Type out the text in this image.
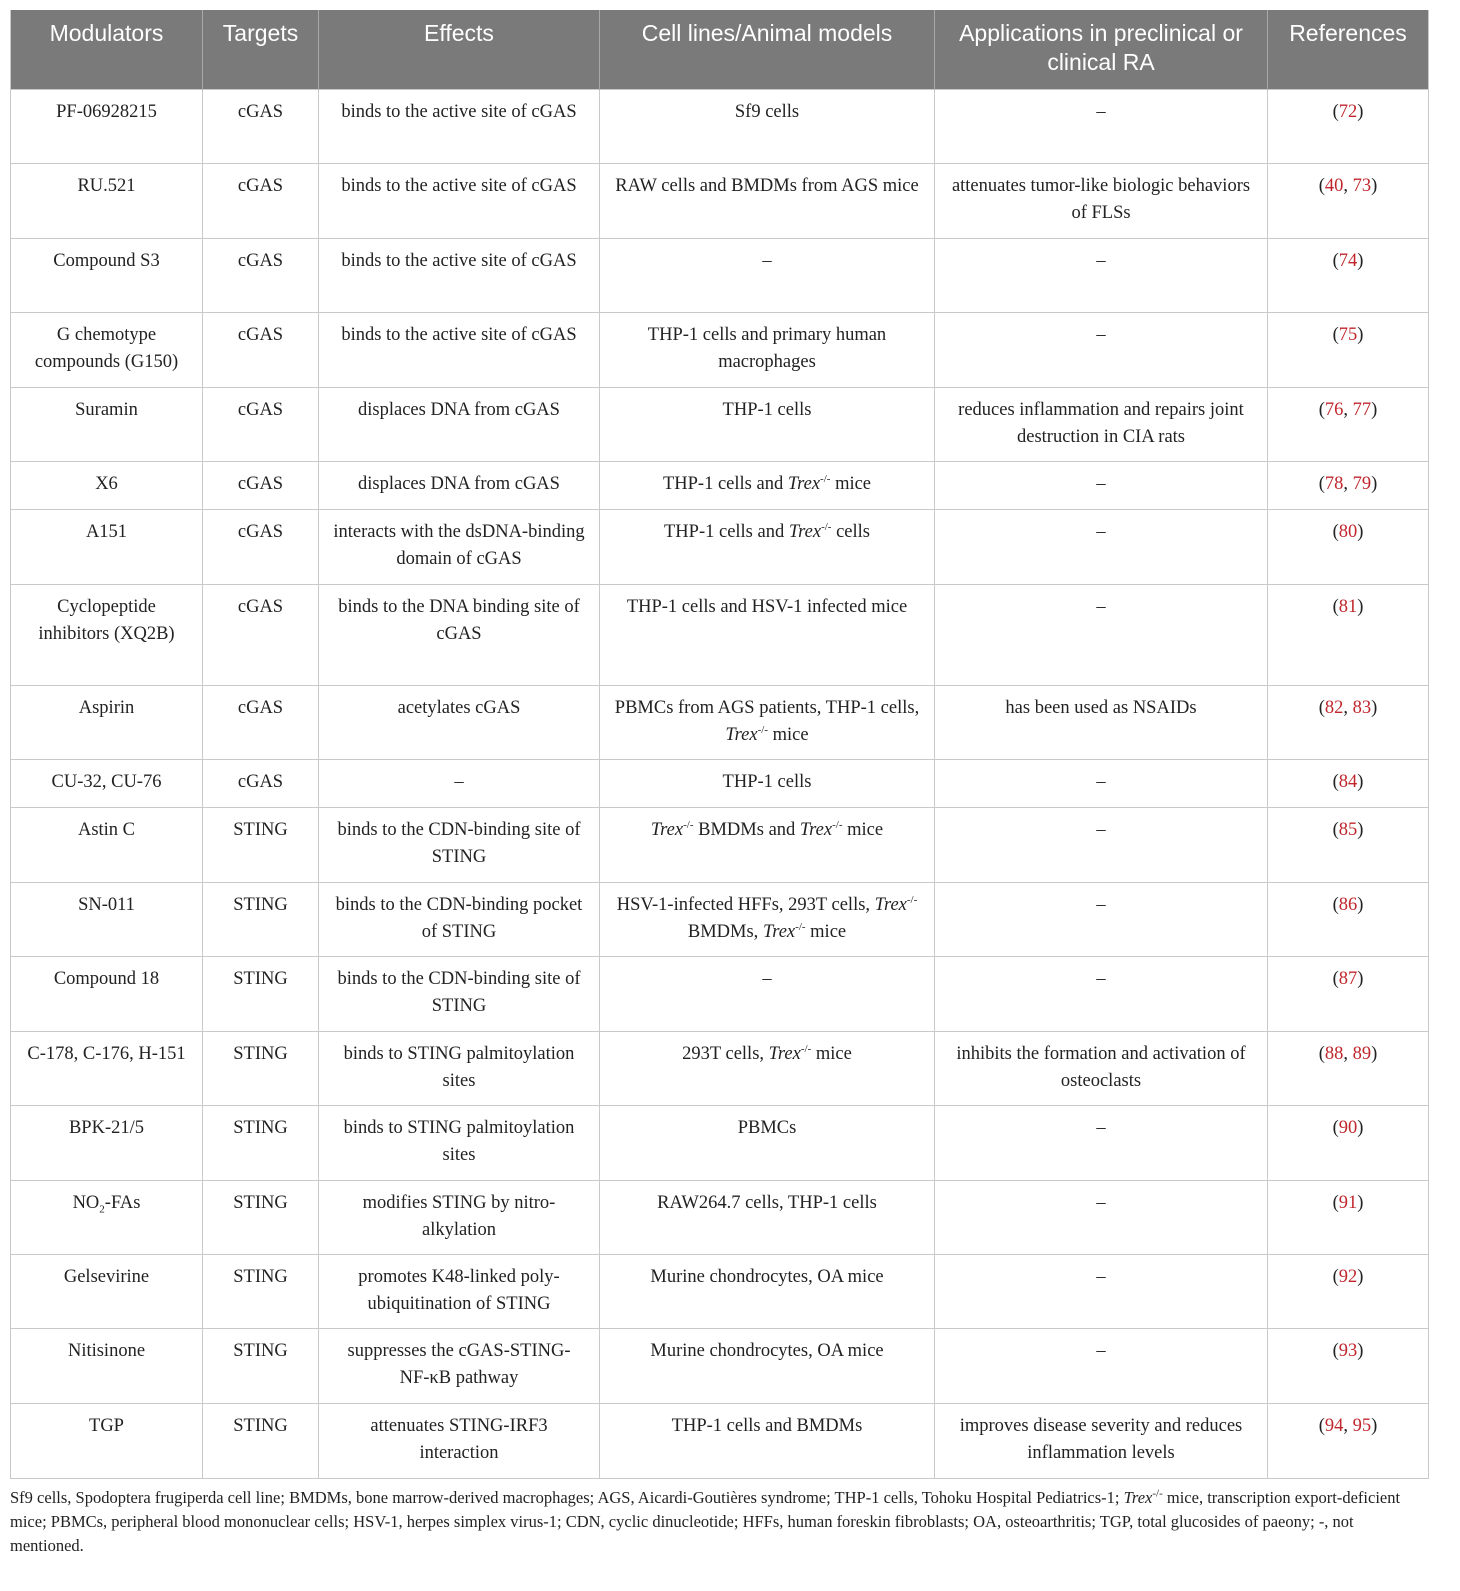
Modulators	Targets	Effects	Cell lines/Animal models	Applications in preclinical or clinical RA	References

PF-06928215	cGAS	binds to the active site of cGAS	Sf9 cells	–	(72)

RU.521	cGAS	binds to the active site of cGAS	RAW cells and BMDMs from AGS mice	attenuates tumor-like biologic behaviors of FLSs	(40, 73)

Compound S3	cGAS	binds to the active site of cGAS	–	–	(74)

G chemotype compounds (G150)	cGAS	binds to the active site of cGAS	THP-1 cells and primary human macrophages	–	(75)

Suramin	cGAS	displaces DNA from cGAS	THP-1 cells	reduces inflammation and repairs joint destruction in CIA rats	(76, 77)

X6	cGAS	displaces DNA from cGAS	THP-1 cells and Trex-/- mice	–	(78, 79)

A151	cGAS	interacts with the dsDNA-binding domain of cGAS	THP-1 cells and Trex-/- cells	–	(80)

Cyclopeptide inhibitors (XQ2B)	cGAS	binds to the DNA binding site of cGAS	THP-1 cells and HSV-1 infected mice	–	(81)

Aspirin	cGAS	acetylates cGAS	PBMCs from AGS patients, THP-1 cells, Trex-/- mice	has been used as NSAIDs	(82, 83)

CU-32, CU-76	cGAS	–	THP-1 cells	–	(84)

Astin C	STING	binds to the CDN-binding site of STING	Trex-/- BMDMs and Trex-/- mice	–	(85)

SN-011	STING	binds to the CDN-binding pocket of STING	HSV-1-infected HFFs, 293T cells, Trex-/- BMDMs, Trex-/- mice	–	(86)

Compound 18	STING	binds to the CDN-binding site of STING	–	–	(87)

C-178, C-176, H-151	STING	binds to STING palmitoylation sites	293T cells, Trex-/- mice	inhibits the formation and activation of osteoclasts	(88, 89)

BPK-21/5	STING	binds to STING palmitoylation sites	PBMCs	–	(90)

$NO_2$-FAs	STING	modifies STING by nitro-alkylation	RAW264.7 cells, THP-1 cells	–	(91)

Gelsevirine	STING	promotes K48-linked poly-ubiquitination of STING	Murine chondrocytes, OA mice	–	(92)

Nitisinone	STING	suppresses the cGAS-STING-NF-κB pathway	Murine chondrocytes, OA mice	–	(93)

TGP	STING	attenuates STING-IRF3 interaction	THP-1 cells and BMDMs	improves disease severity and reduces inflammation levels	(94, 95)
Sf9 cells, Spodoptera frugiperda cell line; BMDMs, bone marrow-derived macrophages; AGS, Aicardi-Goutières syndrome; THP-1 cells, Tohoku Hospital Pediatrics-1; Trex-/- mice, transcription export-deficient mice; PBMCs, peripheral blood mononuclear cells; HSV-1, herpes simplex virus-1; CDN, cyclic dinucleotide; HFFs, human foreskin fibroblasts; OA, osteoarthritis; TGP, total glucosides of paeony; -, not mentioned.
